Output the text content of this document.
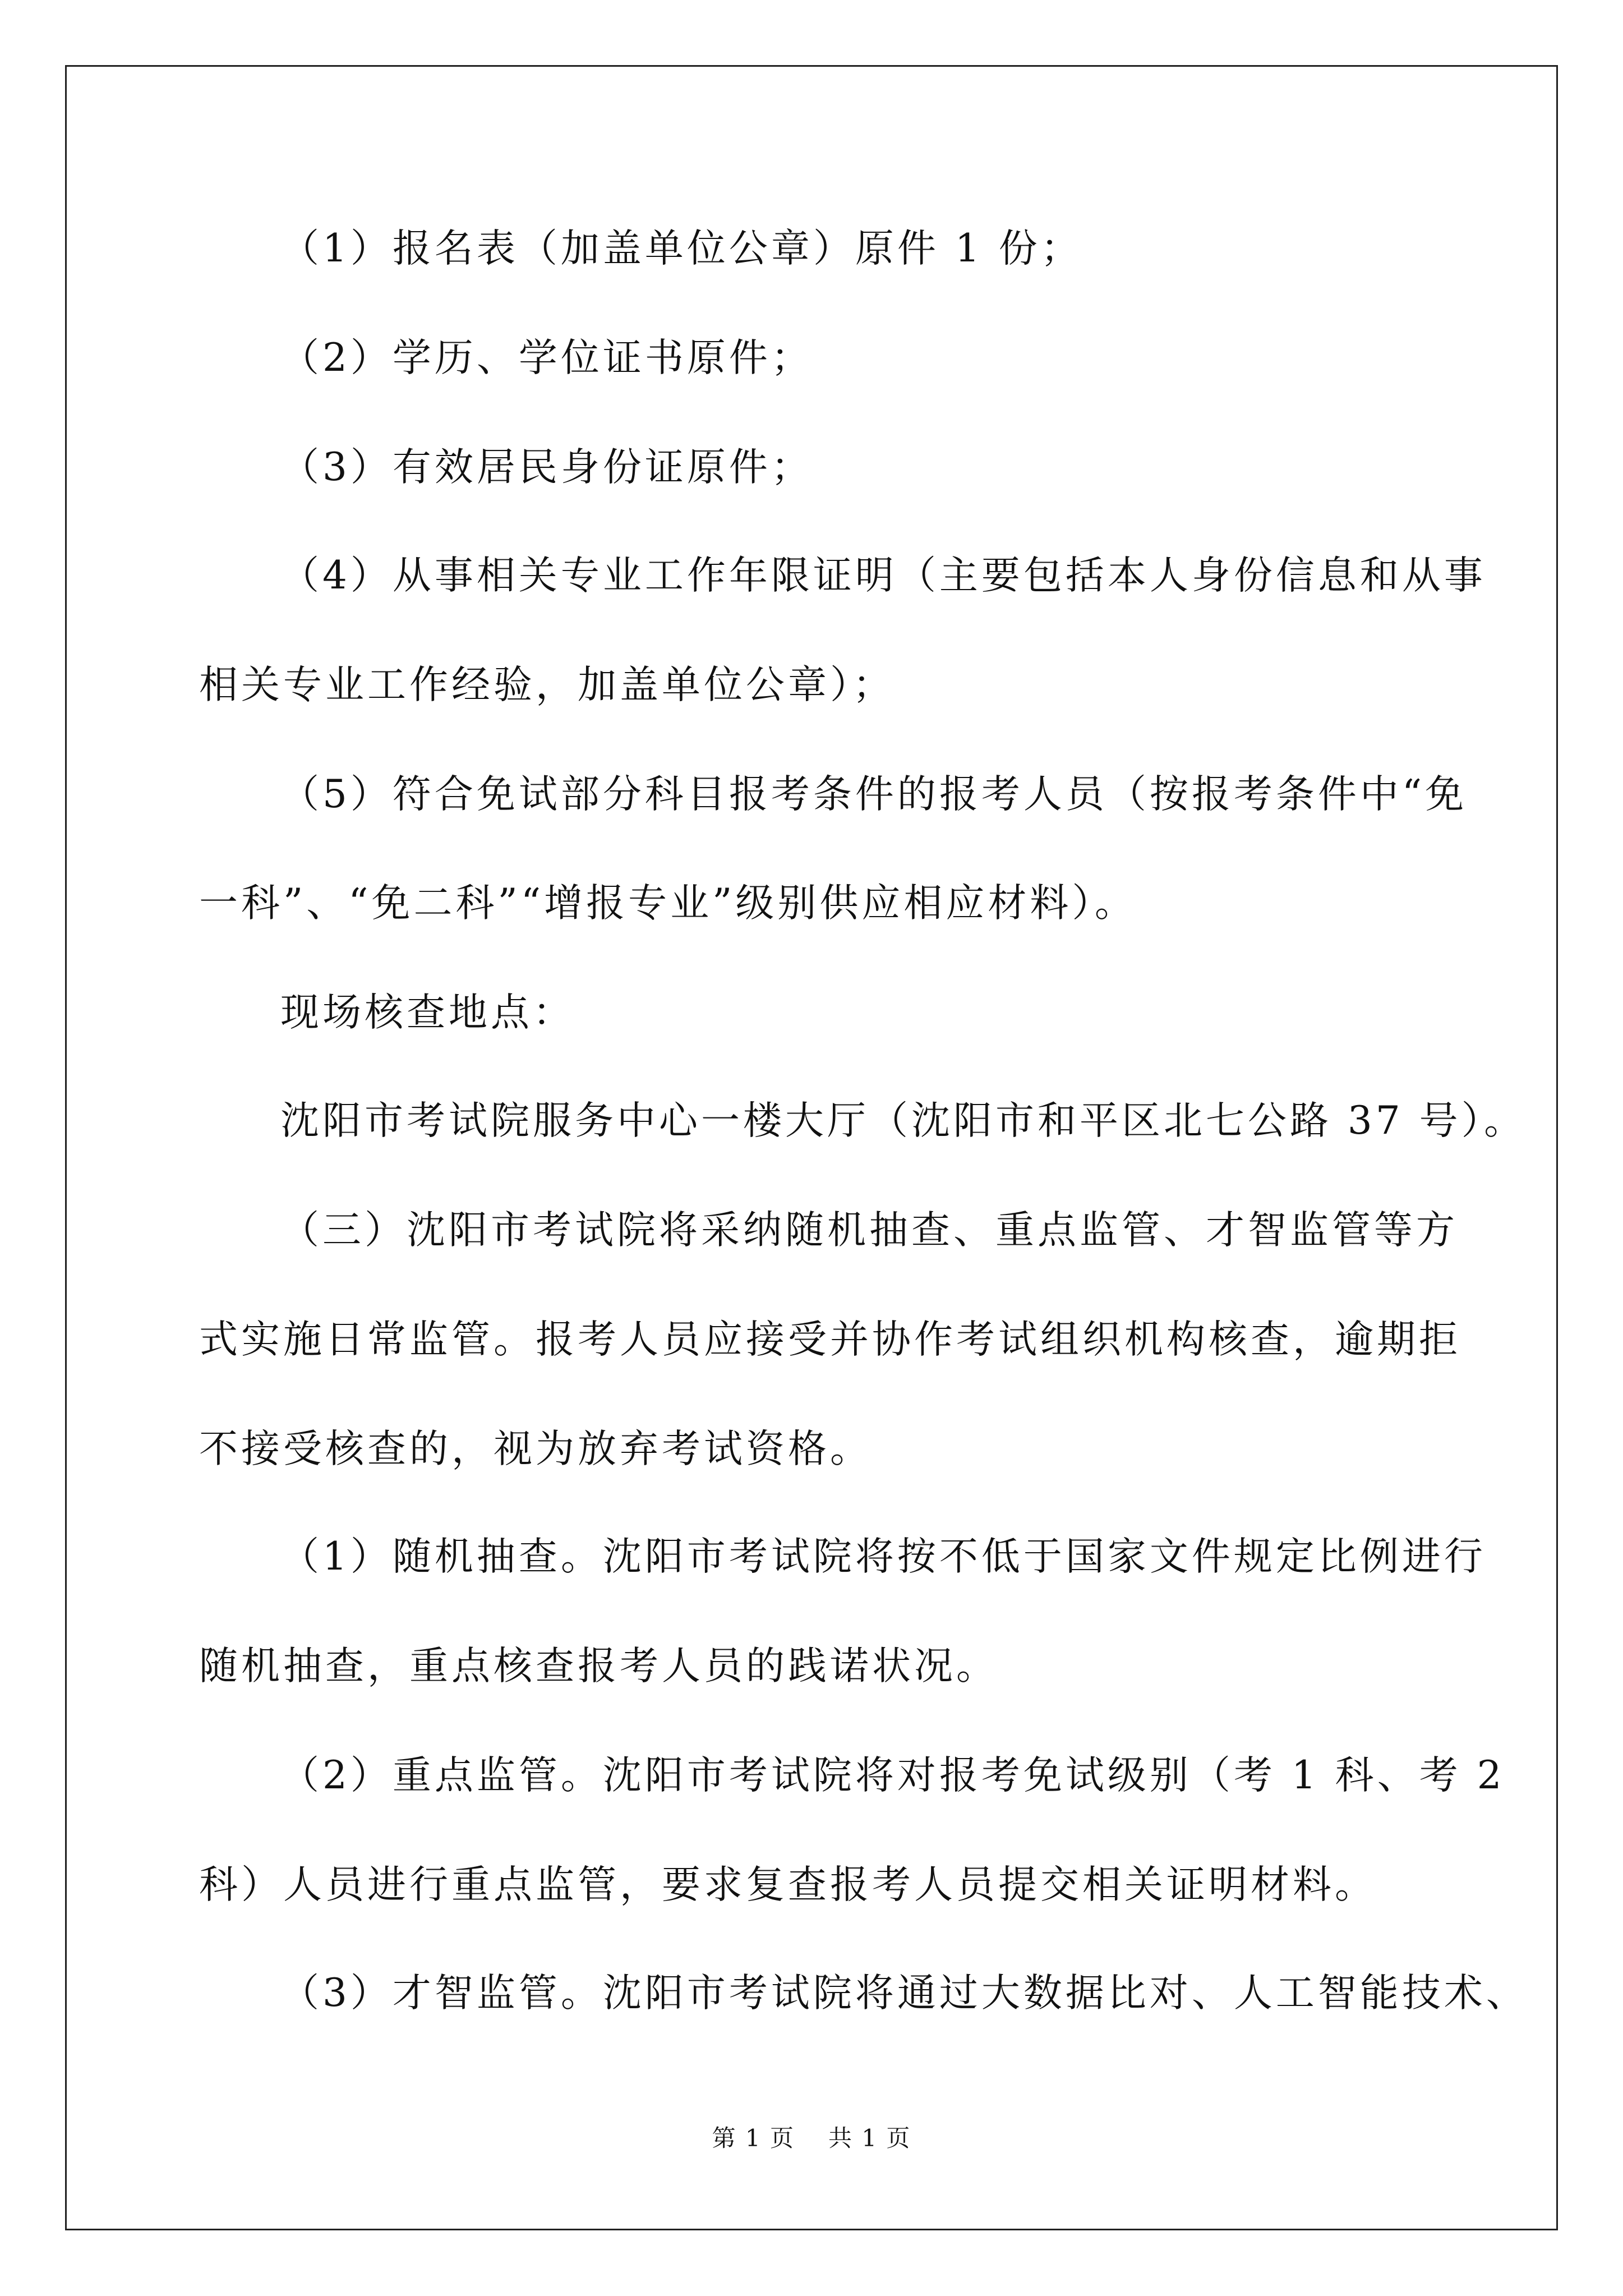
（1）报名表（加盖单位公章）原件 1 份；
（2）学历、学位证书原件；
（3）有效居民身份证原件；
（4）从事相关专业工作年限证明（主要包括本人身份信息和从事
相关专业工作经验，加盖单位公章）；
（5）符合免试部分科目报考条件的报考人员（按报考条件中“免
一科”、“免二科”“增报专业”级别供应相应材料）。
现场核查地点：
沈阳市考试院服务中心一楼大厅（沈阳市和平区北七公路 37 号）。
（三）沈阳市考试院将采纳随机抽查、重点监管、才智监管等方
式实施日常监管。报考人员应接受并协作考试组织机构核查，逾期拒
不接受核查的，视为放弃考试资格。
（1）随机抽查。沈阳市考试院将按不低于国家文件规定比例进行
随机抽查，重点核查报考人员的践诺状况。
（2）重点监管。沈阳市考试院将对报考免试级别（考 1 科、考 2
科）人员进行重点监管，要求复查报考人员提交相关证明材料。
（3）才智监管。沈阳市考试院将通过大数据比对、人工智能技术、
第 1 页 共 1 页
